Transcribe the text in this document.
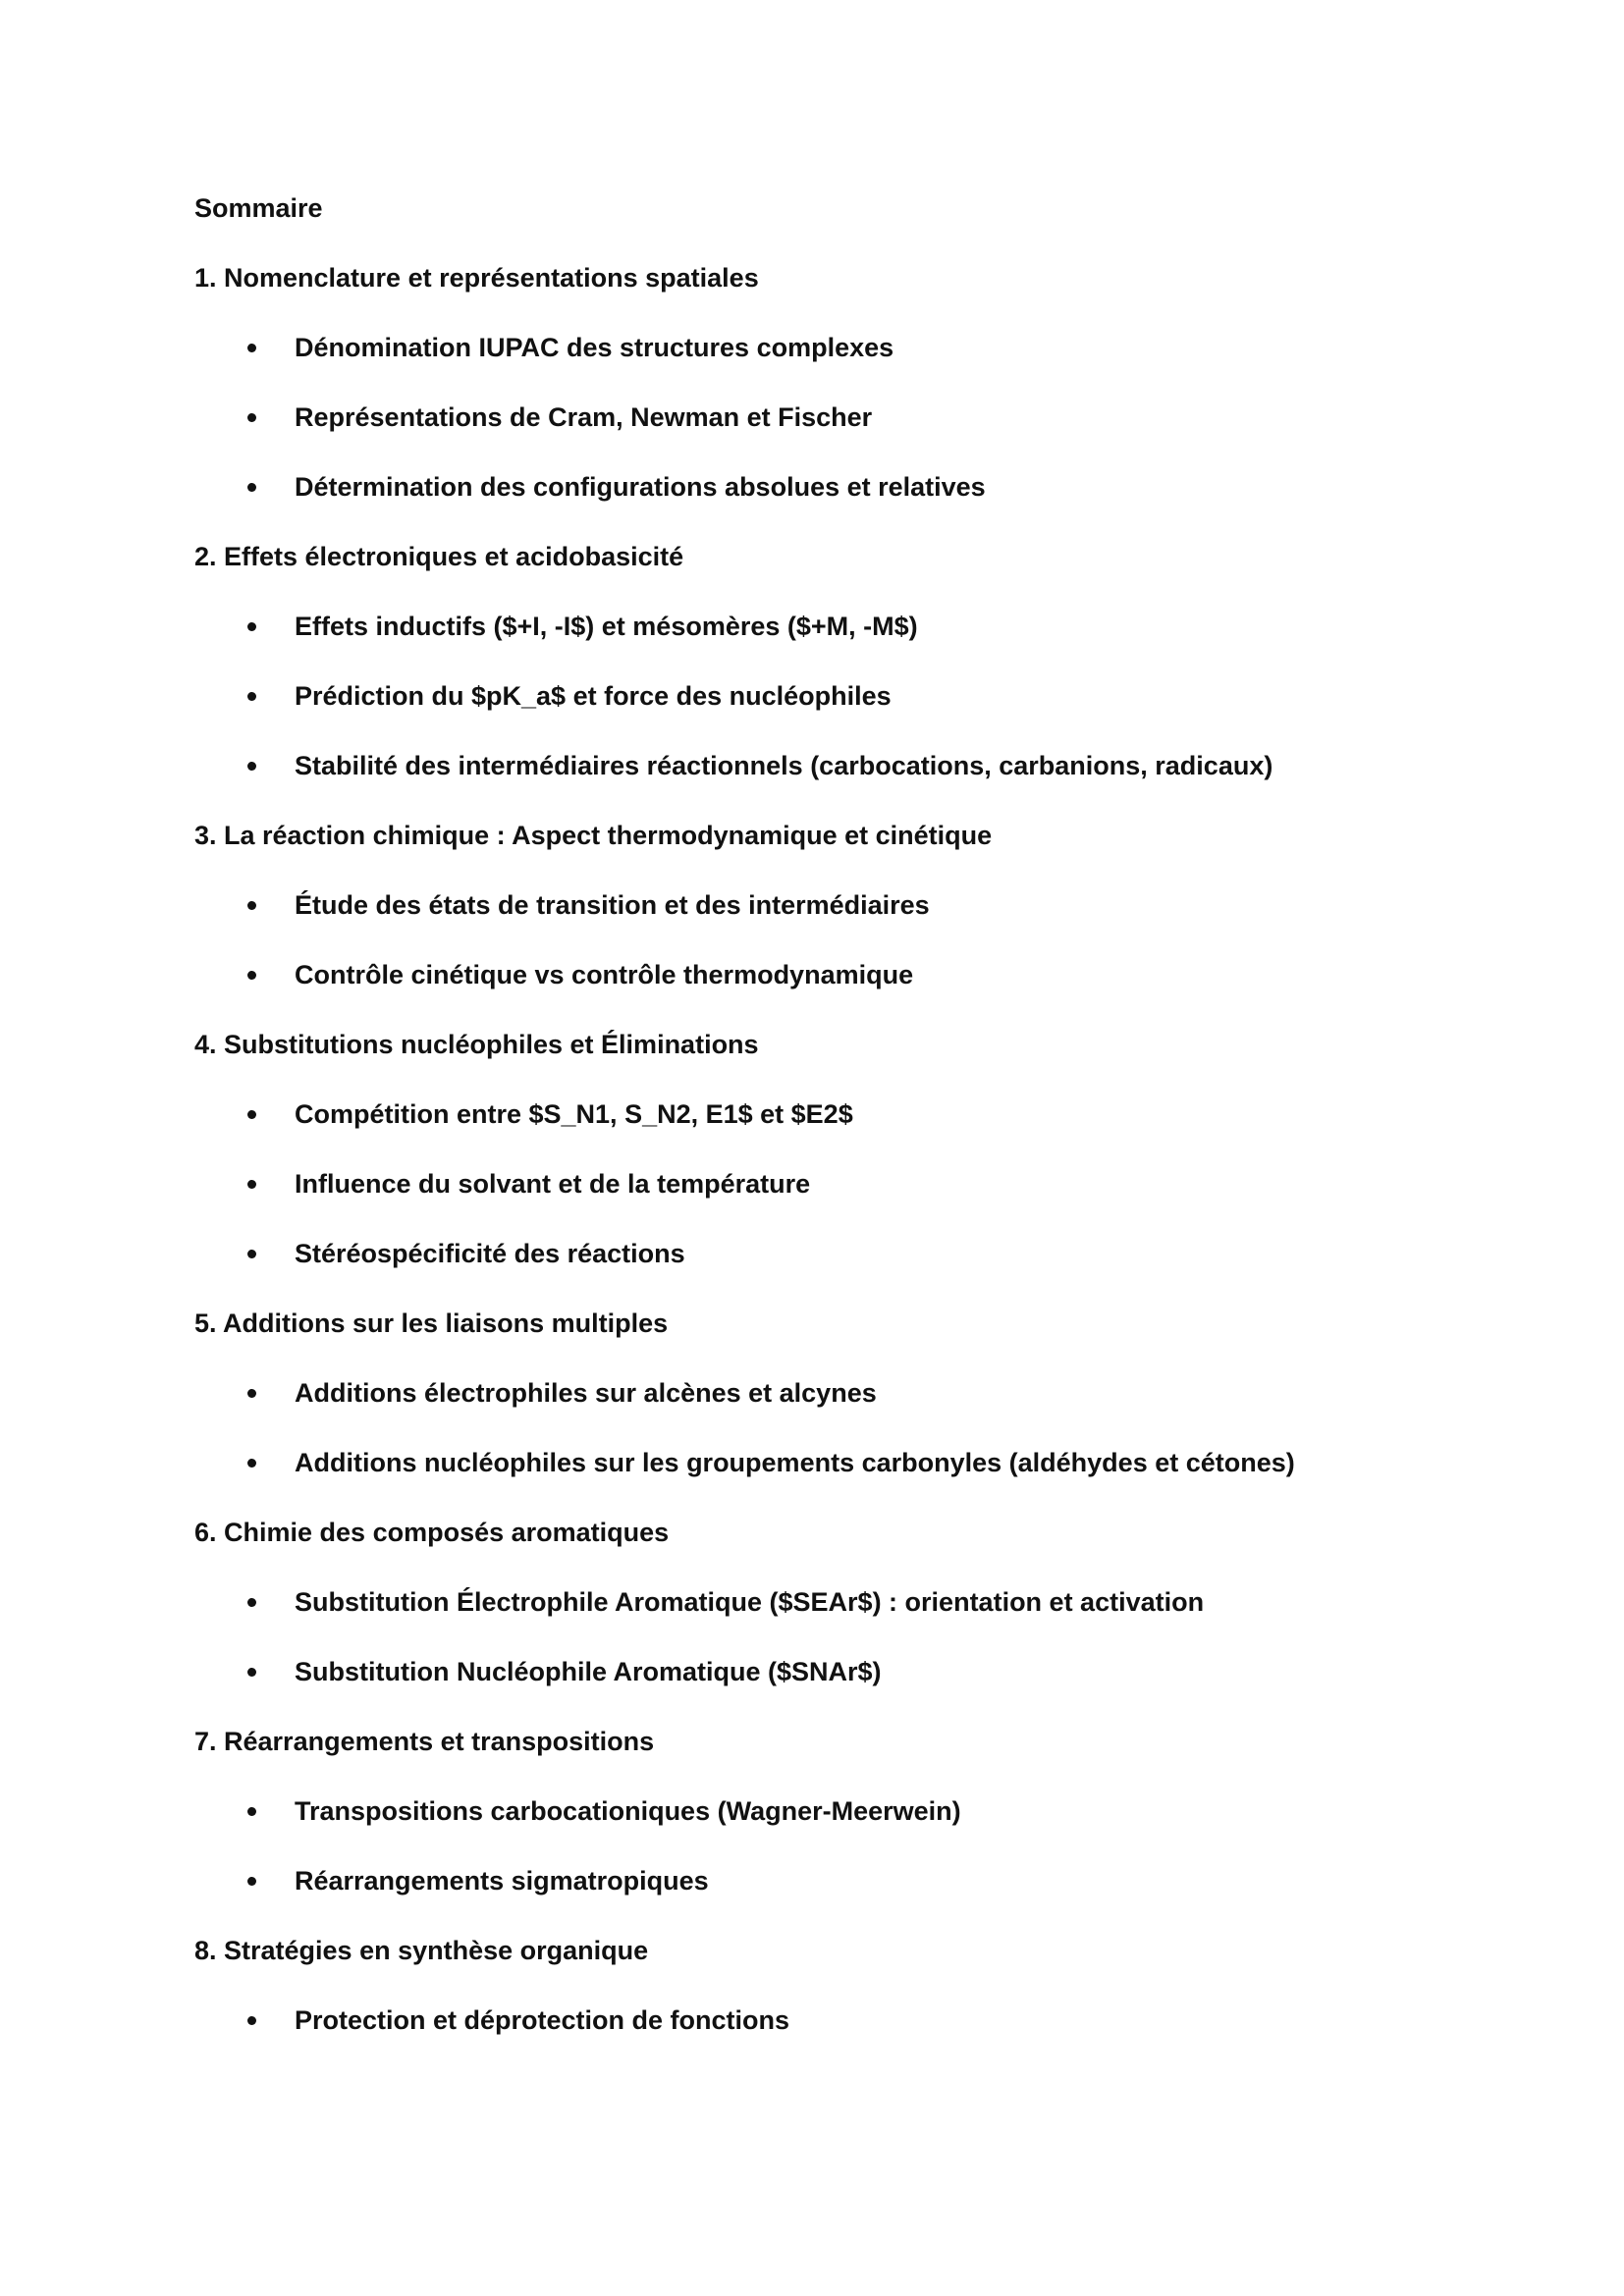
Sommaire
1. Nomenclature et représentations spatiales
Dénomination IUPAC des structures complexes
Représentations de Cram, Newman et Fischer
Détermination des configurations absolues et relatives
2. Effets électroniques et acidobasicité
Effets inductifs ($+I, -I$) et mésomères ($+M, -M$)
Prédiction du $pK_a$ et force des nucléophiles
Stabilité des intermédiaires réactionnels (carbocations, carbanions, radicaux)
3. La réaction chimique : Aspect thermodynamique et cinétique
Étude des états de transition et des intermédiaires
Contrôle cinétique vs contrôle thermodynamique
4. Substitutions nucléophiles et Éliminations
Compétition entre $S_N1, S_N2, E1$ et $E2$
Influence du solvant et de la température
Stéréospécificité des réactions
5. Additions sur les liaisons multiples
Additions électrophiles sur alcènes et alcynes
Additions nucléophiles sur les groupements carbonyles (aldéhydes et cétones)
6. Chimie des composés aromatiques
Substitution Électrophile Aromatique ($SEAr$) : orientation et activation
Substitution Nucléophile Aromatique ($SNAr$)
7. Réarrangements et transpositions
Transpositions carbocationiques (Wagner-Meerwein)
Réarrangements sigmatropiques
8. Stratégies en synthèse organique
Protection et déprotection de fonctions
